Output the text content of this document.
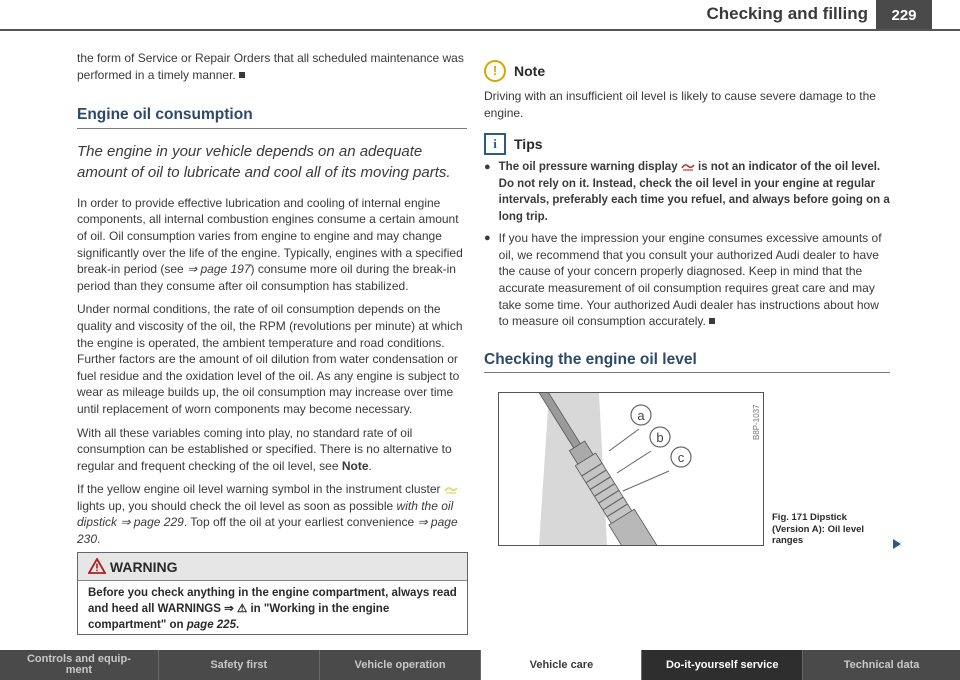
Checking and filling	229

the form of Service or Repair Orders that all scheduled maintenance was performed in a timely manner.

Engine oil consumption
The engine in your vehicle depends on an adequate amount of oil to lubricate and cool all of its moving parts.

In order to provide effective lubrication and cooling of internal engine components, all internal combustion engines consume a certain amount of oil. Oil consumption varies from engine to engine and may change significantly over the life of the engine. Typically, engines with a specified break-in period (see ⇒ page 197) consume more oil during the break-in period than they consume after oil consumption has stabilized.

Under normal conditions, the rate of oil consumption depends on the quality and viscosity of the oil, the RPM (revolutions per minute) at which the engine is operated, the ambient temperature and road conditions. Further factors are the amount of oil dilution from water condensation or fuel residue and the oxidation level of the oil. As any engine is subject to wear as mileage builds up, the oil consumption may increase over time until replacement of worn components may become necessary.

With all these variables coming into play, no standard rate of oil consumption can be established or specified. There is no alternative to regular and frequent checking of the oil level, see Note.

If the yellow engine oil level warning symbol in the instrument cluster  lights up, you should check the oil level as soon as possible with the oil dipstick ⇒ page 229. Top off the oil at your earliest convenience ⇒ page 230.

WARNING
Before you check anything in the engine compartment, always read and heed all WARNINGS ⇒ ⚠ in "Working in the engine compartment" on page 225.
!	Note

Driving with an insufficient oil level is likely to cause severe damage to the engine.

i	Tips
● The oil pressure warning display is not an indicator of the oil level. Do not rely on it. Instead, check the oil level in your engine at regular intervals, preferably each time you refuel, and always before going on a long trip.
● If you have the impression your engine consumes excessive amounts of oil, we recommend that you consult your authorized Audi dealer to have the cause of your concern properly diagnosed. Keep in mind that the accurate measurement of oil consumption requires great care and may take some time. Your authorized Audi dealer has instructions about how to measure oil consumption accurately.
Checking the engine oil level
a
b
c
B8P-1037
Fig. 171 Dipstick (Version A): Oil level ranges
Controls and equip-
ment	Safety first	Vehicle operation	Vehicle care	Do-it-yourself service	Technical data
